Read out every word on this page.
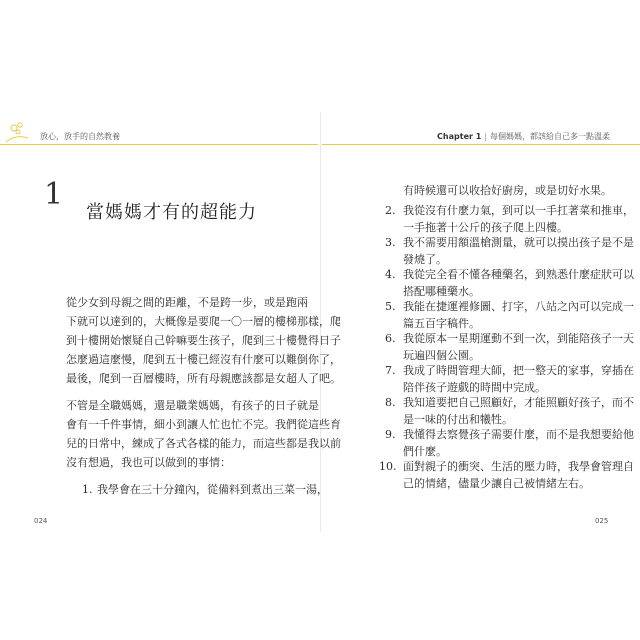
放心，放手的自然教養	Chapter 1 | 每個媽媽，都該給自己多一點溫柔
1
當媽媽才有的超能力
從少女到母親之間的距離，不是跨一步，或是跑兩
下就可以達到的，大概像是要爬一〇一層的樓梯那樣，爬
到十樓開始懷疑自己幹嘛要生孩子，爬到三十樓覺得日子
怎麼過這麼慢，爬到五十樓已經沒有什麼可以難倒你了，
最後，爬到一百層樓時，所有母親應該都是女超人了吧。
不管是全職媽媽，還是職業媽媽，有孩子的日子就是
會有一千件事情，細小到讓人忙也忙不完。我們從這些育
兒的日常中，練成了各式各樣的能力，而這些都是我以前
沒有想過，我也可以做到的事情：
1. 我學會在三十分鐘內，從備料到煮出三菜一湯，
024
有時候還可以收拾好廚房，或是切好水果。
2. 我從沒有什麼力氣，到可以一手扛著菜和推車，
一手拖著十公斤的孩子爬上四樓。
3. 我不需要用額溫槍測量，就可以摸出孩子是不是
發燒了。
4. 我從完全看不懂各種藥名，到熟悉什麼症狀可以
搭配哪種藥水。
5. 我能在捷運裡修圖、打字，八站之內可以完成一
篇五百字稿件。
6. 我從原本一星期運動不到一次，到能陪孩子一天
玩遍四個公園。
7. 我成了時間管理大師，把一整天的家事，穿插在
陪伴孩子遊戲的時間中完成。
8. 我知道要把自己照顧好，才能照顧好孩子，而不
是一味的付出和犧牲。
9. 我懂得去察覺孩子需要什麼，而不是我想要給他
們什麼。
10. 面對親子的衝突、生活的壓力時，我學會管理自
己的情緒，儘量少讓自己被情緒左右。
025
